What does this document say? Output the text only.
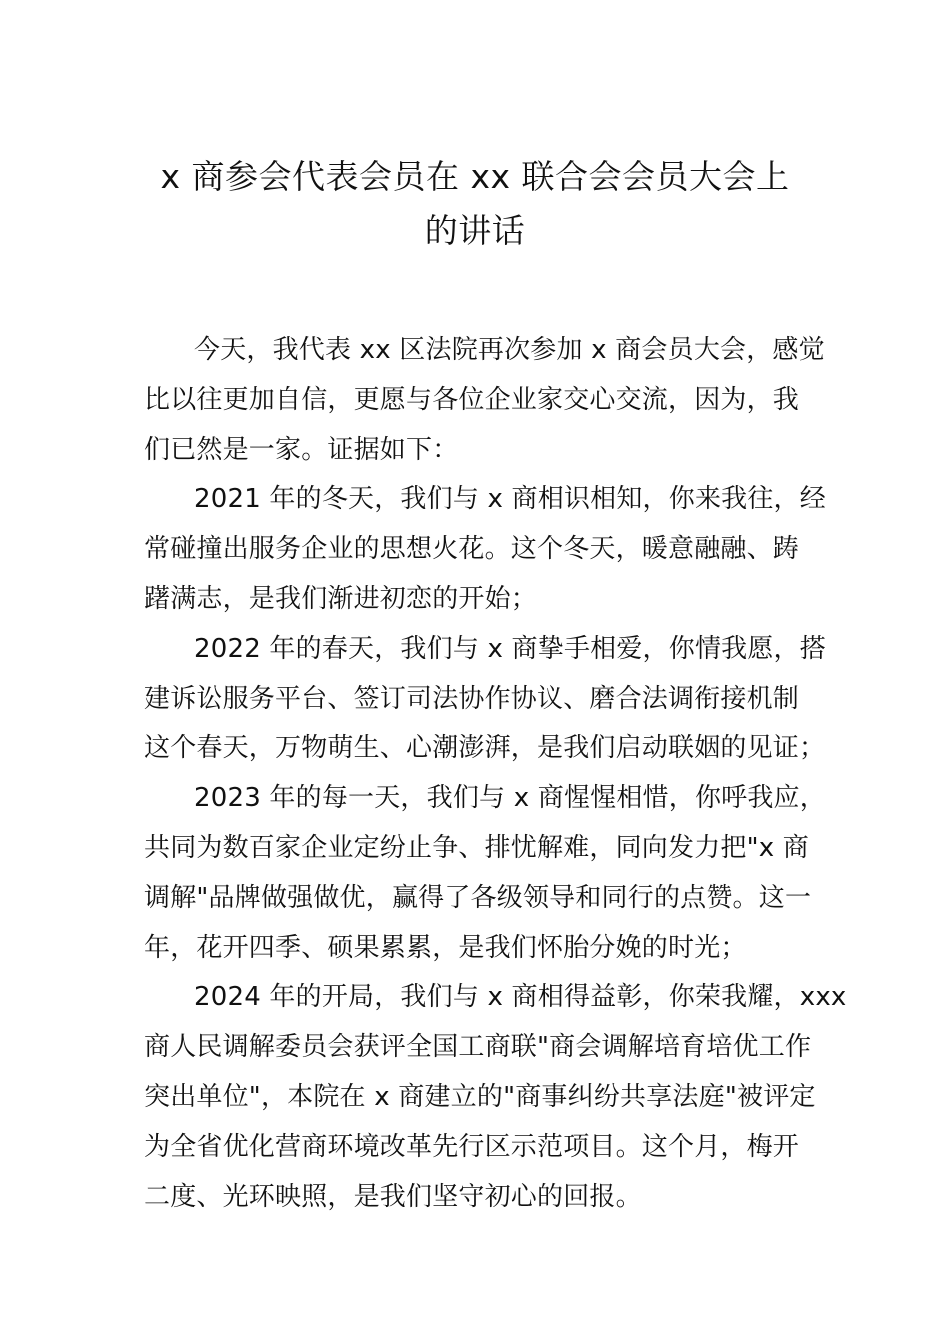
x 商参会代表会员在 xx 联合会会员大会上
的讲话
今天，我代表 xx 区法院再次参加 x 商会员大会，感觉
比以往更加自信，更愿与各位企业家交心交流，因为，我
们已然是一家。证据如下：
2021 年的冬天，我们与 x 商相识相知，你来我往，经
常碰撞出服务企业的思想火花。这个冬天，暖意融融、踌
躇满志，是我们渐进初恋的开始；
2022 年的春天，我们与 x 商挚手相爱，你情我愿，搭
建诉讼服务平台、签订司法协作协议、磨合法调衔接机制
这个春天，万物萌生、心潮澎湃，是我们启动联姻的见证；
2023 年的每一天，我们与 x 商惺惺相惜，你呼我应，
共同为数百家企业定纷止争、排忧解难，同向发力把"x 商
调解"品牌做强做优，赢得了各级领导和同行的点赞。这一
年，花开四季、硕果累累，是我们怀胎分娩的时光；
2024 年的开局，我们与 x 商相得益彰，你荣我耀，xxx
商人民调解委员会获评全国工商联"商会调解培育培优工作
突出单位"，本院在 x 商建立的"商事纠纷共享法庭"被评定
为全省优化营商环境改革先行区示范项目。这个月，梅开
二度、光环映照，是我们坚守初心的回报。
